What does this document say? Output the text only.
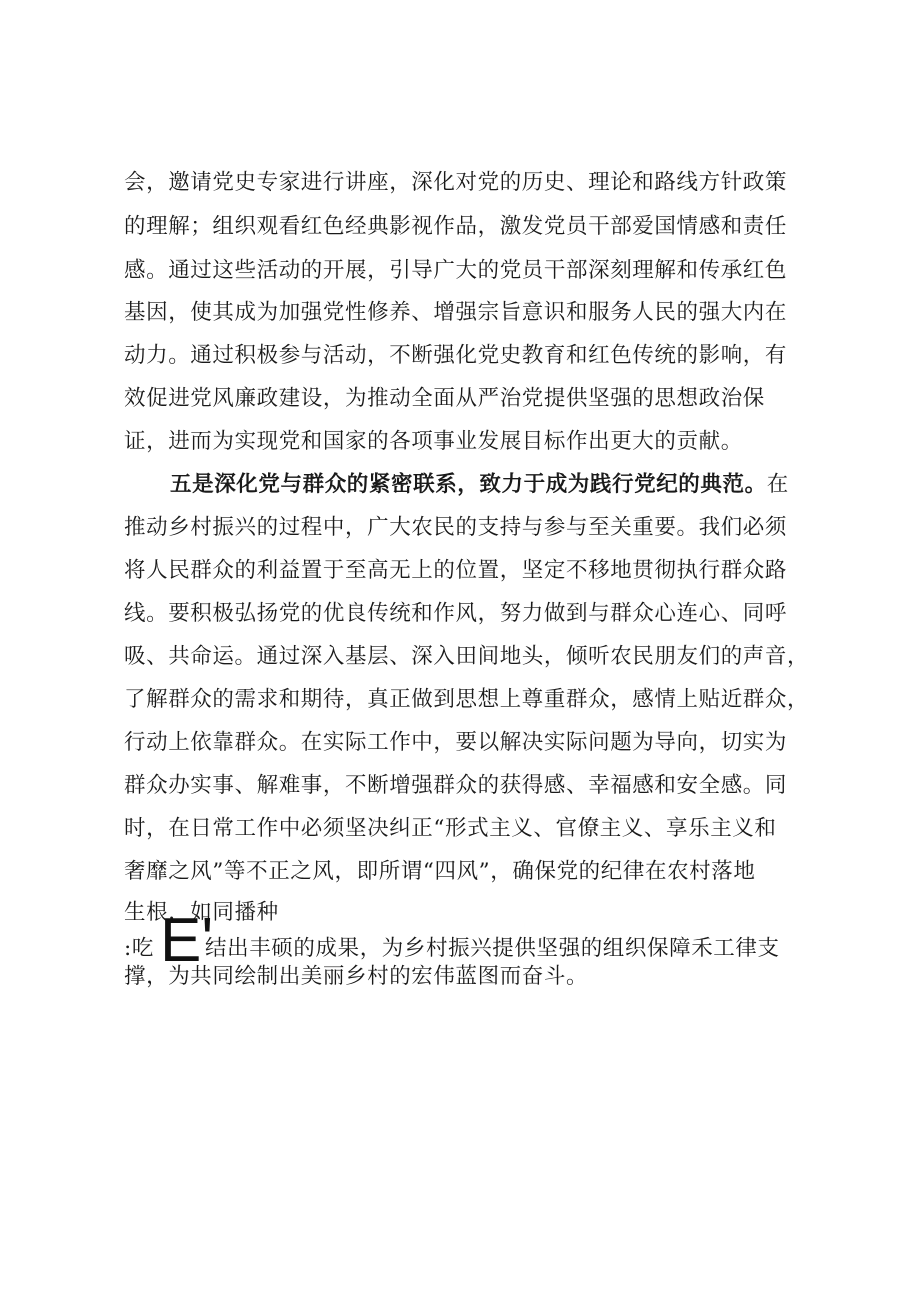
会，邀请党史专家进行讲座，深化对党的历史、理论和路线方针政策
的理解；组织观看红色经典影视作品，激发党员干部爱国情感和责任
感。通过这些活动的开展，引导广大的党员干部深刻理解和传承红色
基因，使其成为加强党性修养、增强宗旨意识和服务人民的强大内在
动力。通过积极参与活动，不断强化党史教育和红色传统的影响，有
效促进党风廉政建设，为推动全面从严治党提供坚强的思想政治保
证，进而为实现党和国家的各项事业发展目标作出更大的贡献。
五是深化党与群众的紧密联系，致力于成为践行党纪的典范。在
推动乡村振兴的过程中，广大农民的支持与参与至关重要。我们必须
将人民群众的利益置于至高无上的位置，坚定不移地贯彻执行群众路
线。要积极弘扬党的优良传统和作风，努力做到与群众心连心、同呼
吸、共命运。通过深入基层、深入田间地头，倾听农民朋友们的声音，
了解群众的需求和期待，真正做到思想上尊重群众，感情上贴近群众，
行动上依靠群众。在实际工作中，要以解决实际问题为导向，切实为
群众办实事、解难事，不断增强群众的获得感、幸福感和安全感。同
时，在日常工作中必须坚决纠正“形式主义、官僚主义、享乐主义和
奢靡之风”等不正之风，即所谓“四风”，确保党的纪律在农村落地
生根，如同播种
:吃 E'
结出丰硕的成果，为乡村振兴提供坚强的组织保障禾工律支
撑，为共同绘制出美丽乡村的宏伟蓝图而奋斗。
